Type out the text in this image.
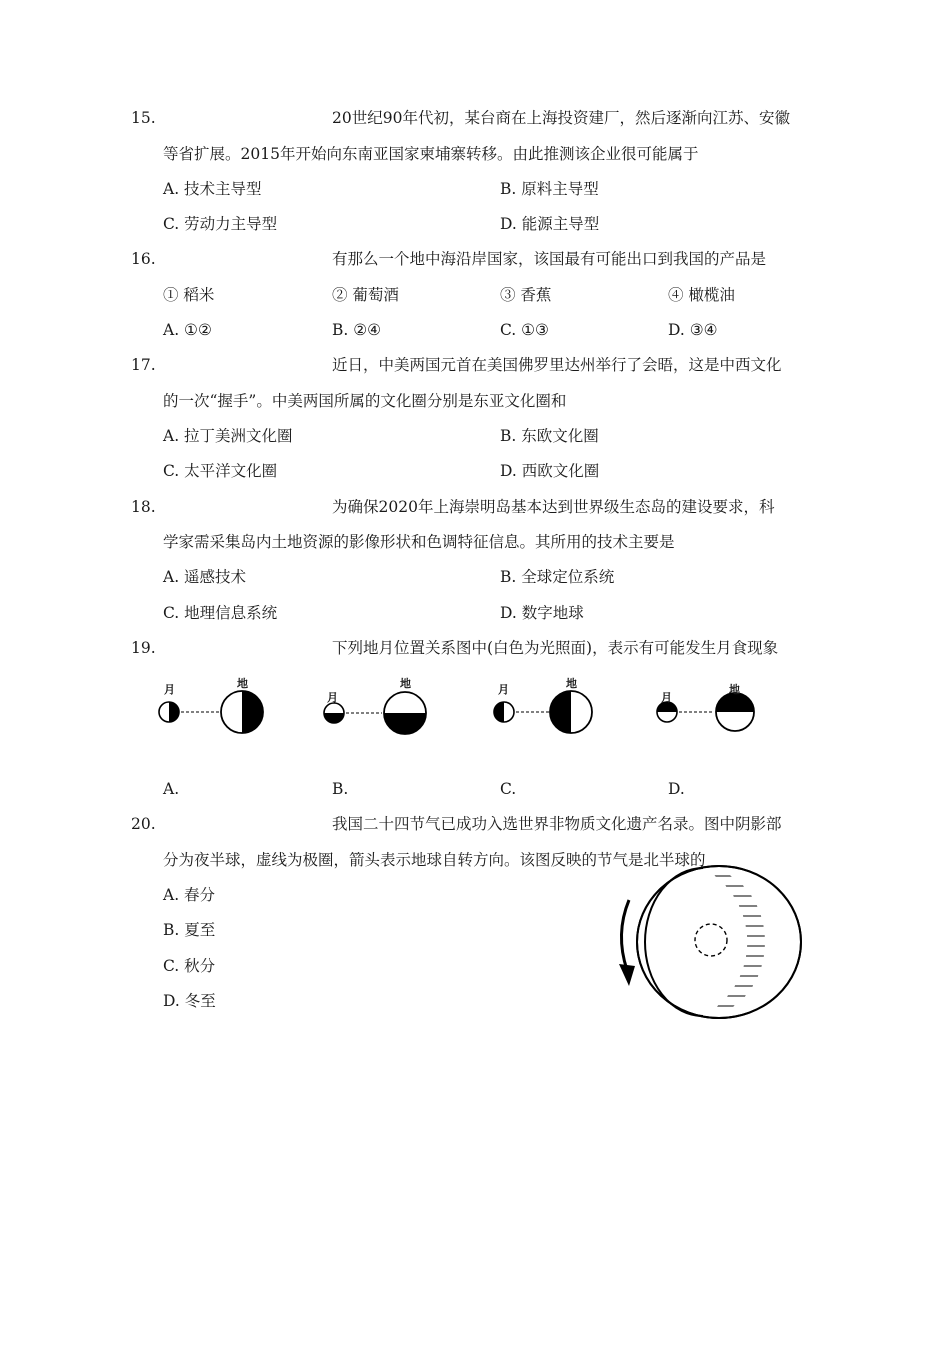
15.	20世纪90年代初，某台商在上海投资建厂，然后逐渐向江苏、安徽
等省扩展。2015年开始向东南亚国家柬埔寨转移。由此推测该企业很可能属于
A. 技术主导型	B. 原料主导型
C. 劳动力主导型	D. 能源主导型
16.	有那么一个地中海沿岸国家，该国最有可能出口到我国的产品是
① 稻米	② 葡萄酒	③ 香蕉	④ 橄榄油
A. ①②	B. ②④	C. ①③	D. ③④
17.	近日，中美两国元首在美国佛罗里达州举行了会晤，这是中西文化
的一次“握手”。中美两国所属的文化圈分别是东亚文化圈和
A. 拉丁美洲文化圈	B. 东欧文化圈
C. 太平洋文化圈	D. 西欧文化圈
18.	为确保2020年上海崇明岛基本达到世界级生态岛的建设要求，科
学家需采集岛内土地资源的影像形状和色调特征信息。其所用的技术主要是
A. 遥感技术	B. 全球定位系统
C. 地理信息系统	D. 数字地球
19.	下列地月位置关系图中(白色为光照面)，表示有可能发生月食现象
月	地
月
地	月	地
月
地
A.	B.	C.	D.
20.	我国二十四节气已成功入选世界非物质文化遗产名录。图中阴影部
分为夜半球，虚线为极圈，箭头表示地球自转方向。该图反映的节气是北半球的
A. 春分
B. 夏至
C. 秋分
D. 冬至
